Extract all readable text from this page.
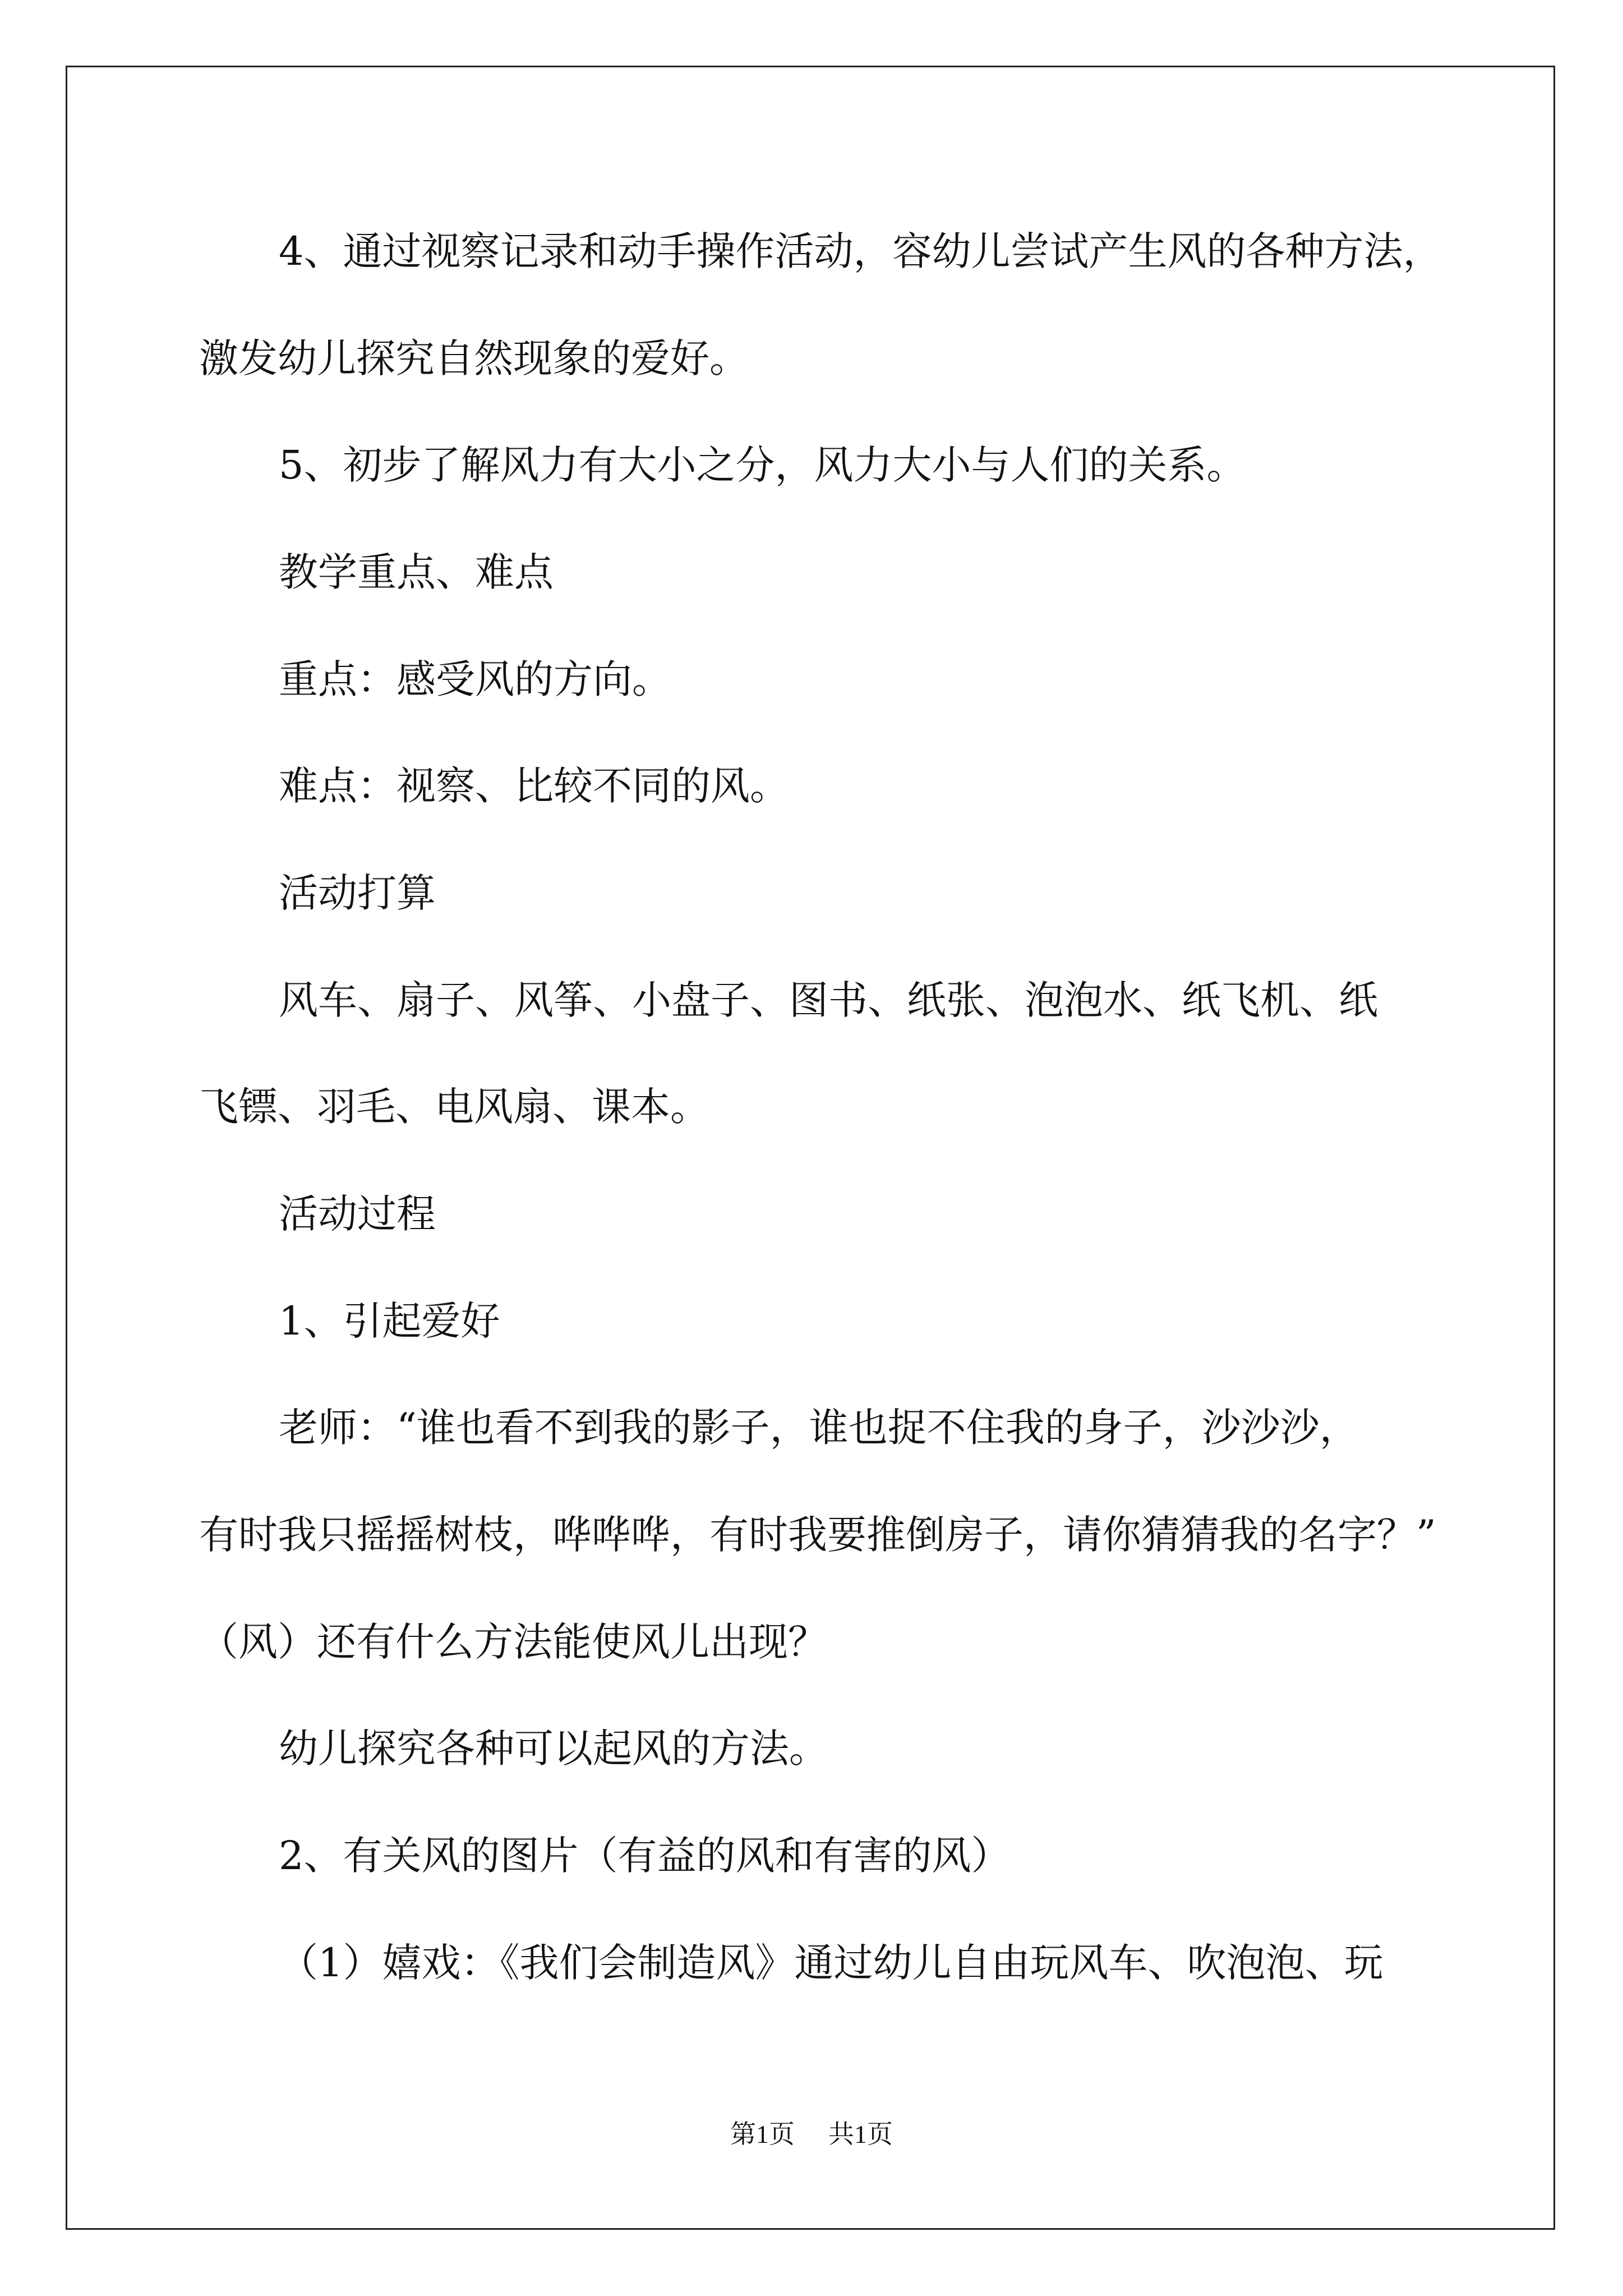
4、通过视察记录和动手操作活动，容幼儿尝试产生风的各种方法，
激发幼儿探究自然现象的爱好。
5、初步了解风力有大小之分，风力大小与人们的关系。
教学重点、难点
重点：感受风的方向。
难点：视察、比较不同的风。
活动打算
风车、扇子、风筝、小盘子、图书、纸张、泡泡水、纸飞机、纸
飞镖、羽毛、电风扇、课本。
活动过程
1、引起爱好
老师：“谁也看不到我的影子，谁也捉不住我的身子，沙沙沙，
有时我只摇摇树枝，哗哗哗，有时我要推倒房子，请你猜猜我的名字？”
（风）还有什么方法能使风儿出现？
幼儿探究各种可以起风的方法。
2、有关风的图片（有益的风和有害的风）
（1）嬉戏：《我们会制造风》通过幼儿自由玩风车、吹泡泡、玩
第1页 共1页
